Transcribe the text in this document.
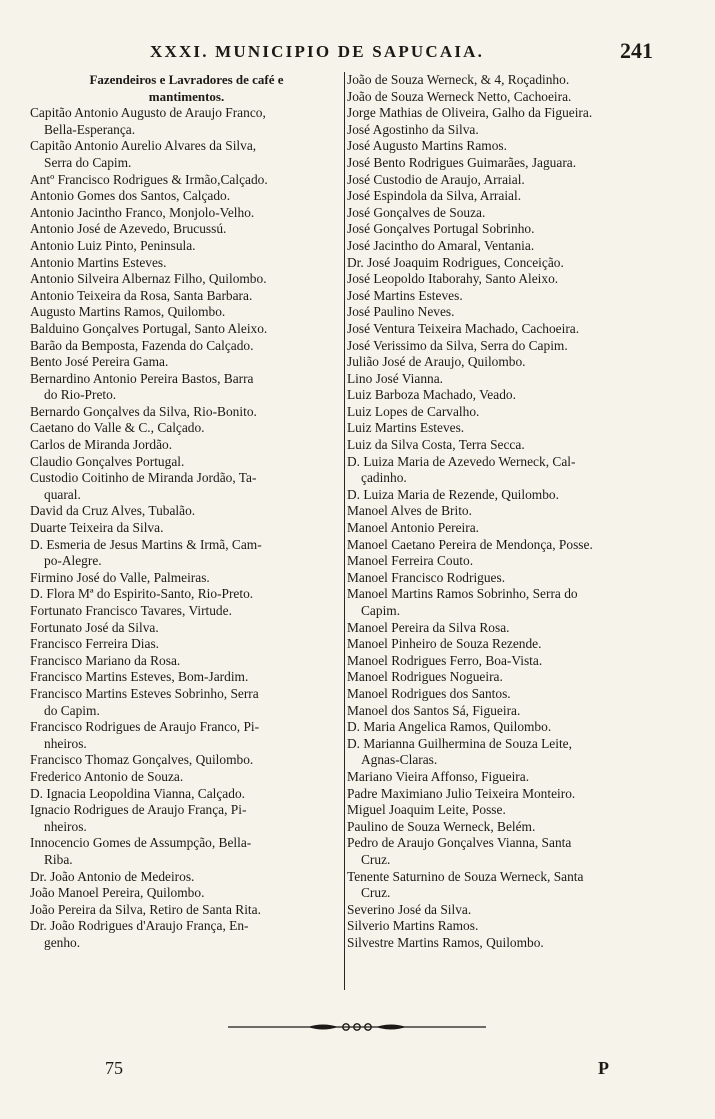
XXXI. MUNICIPIO DE SAPUCAIA.	241
Fazendeiros e Lavradores de café e
mantimentos.
Capitão Antonio Augusto de Araujo Franco,
Bella-Esperança.
Capitão Antonio Aurelio Alvares da Silva,
Serra do Capim.
Antº Francisco Rodrigues & Irmão,Calçado.
Antonio Gomes dos Santos, Calçado.
Antonio Jacintho Franco, Monjolo-Velho.
Antonio José de Azevedo, Brucussú.
Antonio Luiz Pinto, Peninsula.
Antonio Martins Esteves.
Antonio Silveira Albernaz Filho, Quilombo.
Antonio Teixeira da Rosa, Santa Barbara.
Augusto Martins Ramos, Quilombo.
Balduino Gonçalves Portugal, Santo Aleixo.
Barão da Bemposta, Fazenda do Calçado.
Bento José Pereira Gama.
Bernardino Antonio Pereira Bastos, Barra
do Rio-Preto.
Bernardo Gonçalves da Silva, Rio-Bonito.
Caetano do Valle & C., Calçado.
Carlos de Miranda Jordão.
Claudio Gonçalves Portugal.
Custodio Coitinho de Miranda Jordão, Ta-
quaral.
David da Cruz Alves, Tubalão.
Duarte Teixeira da Silva.
D. Esmeria de Jesus Martins & Irmã, Cam-
po-Alegre.
Firmino José do Valle, Palmeiras.
D. Flora Mª do Espirito-Santo, Rio-Preto.
Fortunato Francisco Tavares, Virtude.
Fortunato José da Silva.
Francisco Ferreira Dias.
Francisco Mariano da Rosa.
Francisco Martins Esteves, Bom-Jardim.
Francisco Martins Esteves Sobrinho, Serra
do Capim.
Francisco Rodrigues de Araujo Franco, Pi-
nheiros.
Francisco Thomaz Gonçalves, Quilombo.
Frederico Antonio de Souza.
D. Ignacia Leopoldina Vianna, Calçado.
Ignacio Rodrigues de Araujo França, Pi-
nheiros.
Innocencio Gomes de Assumpção, Bella-
Riba.
Dr. João Antonio de Medeiros.
João Manoel Pereira, Quilombo.
João Pereira da Silva, Retiro de Santa Rita.
Dr. João Rodrigues d'Araujo França, En-
genho.
João de Souza Werneck, & 4, Roçadinho.
João de Souza Werneck Netto, Cachoeira.
Jorge Mathias de Oliveira, Galho da Figueira.
José Agostinho da Silva.
José Augusto Martins Ramos.
José Bento Rodrigues Guimarães, Jaguara.
José Custodio de Araujo, Arraial.
José Espindola da Silva, Arraial.
José Gonçalves de Souza.
José Gonçalves Portugal Sobrinho.
José Jacintho do Amaral, Ventania.
Dr. José Joaquim Rodrigues, Conceição.
José Leopoldo Itaborahy, Santo Aleixo.
José Martins Esteves.
José Paulino Neves.
José Ventura Teixeira Machado, Cachoeira.
José Verissimo da Silva, Serra do Capim.
Julião José de Araujo, Quilombo.
Lino José Vianna.
Luiz Barboza Machado, Veado.
Luiz Lopes de Carvalho.
Luiz Martins Esteves.
Luiz da Silva Costa, Terra Secca.
D. Luiza Maria de Azevedo Werneck, Cal-
çadinho.
D. Luiza Maria de Rezende, Quilombo.
Manoel Alves de Brito.
Manoel Antonio Pereira.
Manoel Caetano Pereira de Mendonça, Posse.
Manoel Ferreira Couto.
Manoel Francisco Rodrigues.
Manoel Martins Ramos Sobrinho, Serra do
Capim.
Manoel Pereira da Silva Rosa.
Manoel Pinheiro de Souza Rezende.
Manoel Rodrigues Ferro, Boa-Vista.
Manoel Rodrigues Nogueira.
Manoel Rodrigues dos Santos.
Manoel dos Santos Sá, Figueira.
D. Maria Angelica Ramos, Quilombo.
D. Marianna Guilhermina de Souza Leite,
Agnas-Claras.
Mariano Vieira Affonso, Figueira.
Padre Maximiano Julio Teixeira Monteiro.
Miguel Joaquim Leite, Posse.
Paulino de Souza Werneck, Belém.
Pedro de Araujo Gonçalves Vianna, Santa
Cruz.
Tenente Saturnino de Souza Werneck, Santa
Cruz.
Severino José da Silva.
Silverio Martins Ramos.
Silvestre Martins Ramos, Quilombo.
75	P
